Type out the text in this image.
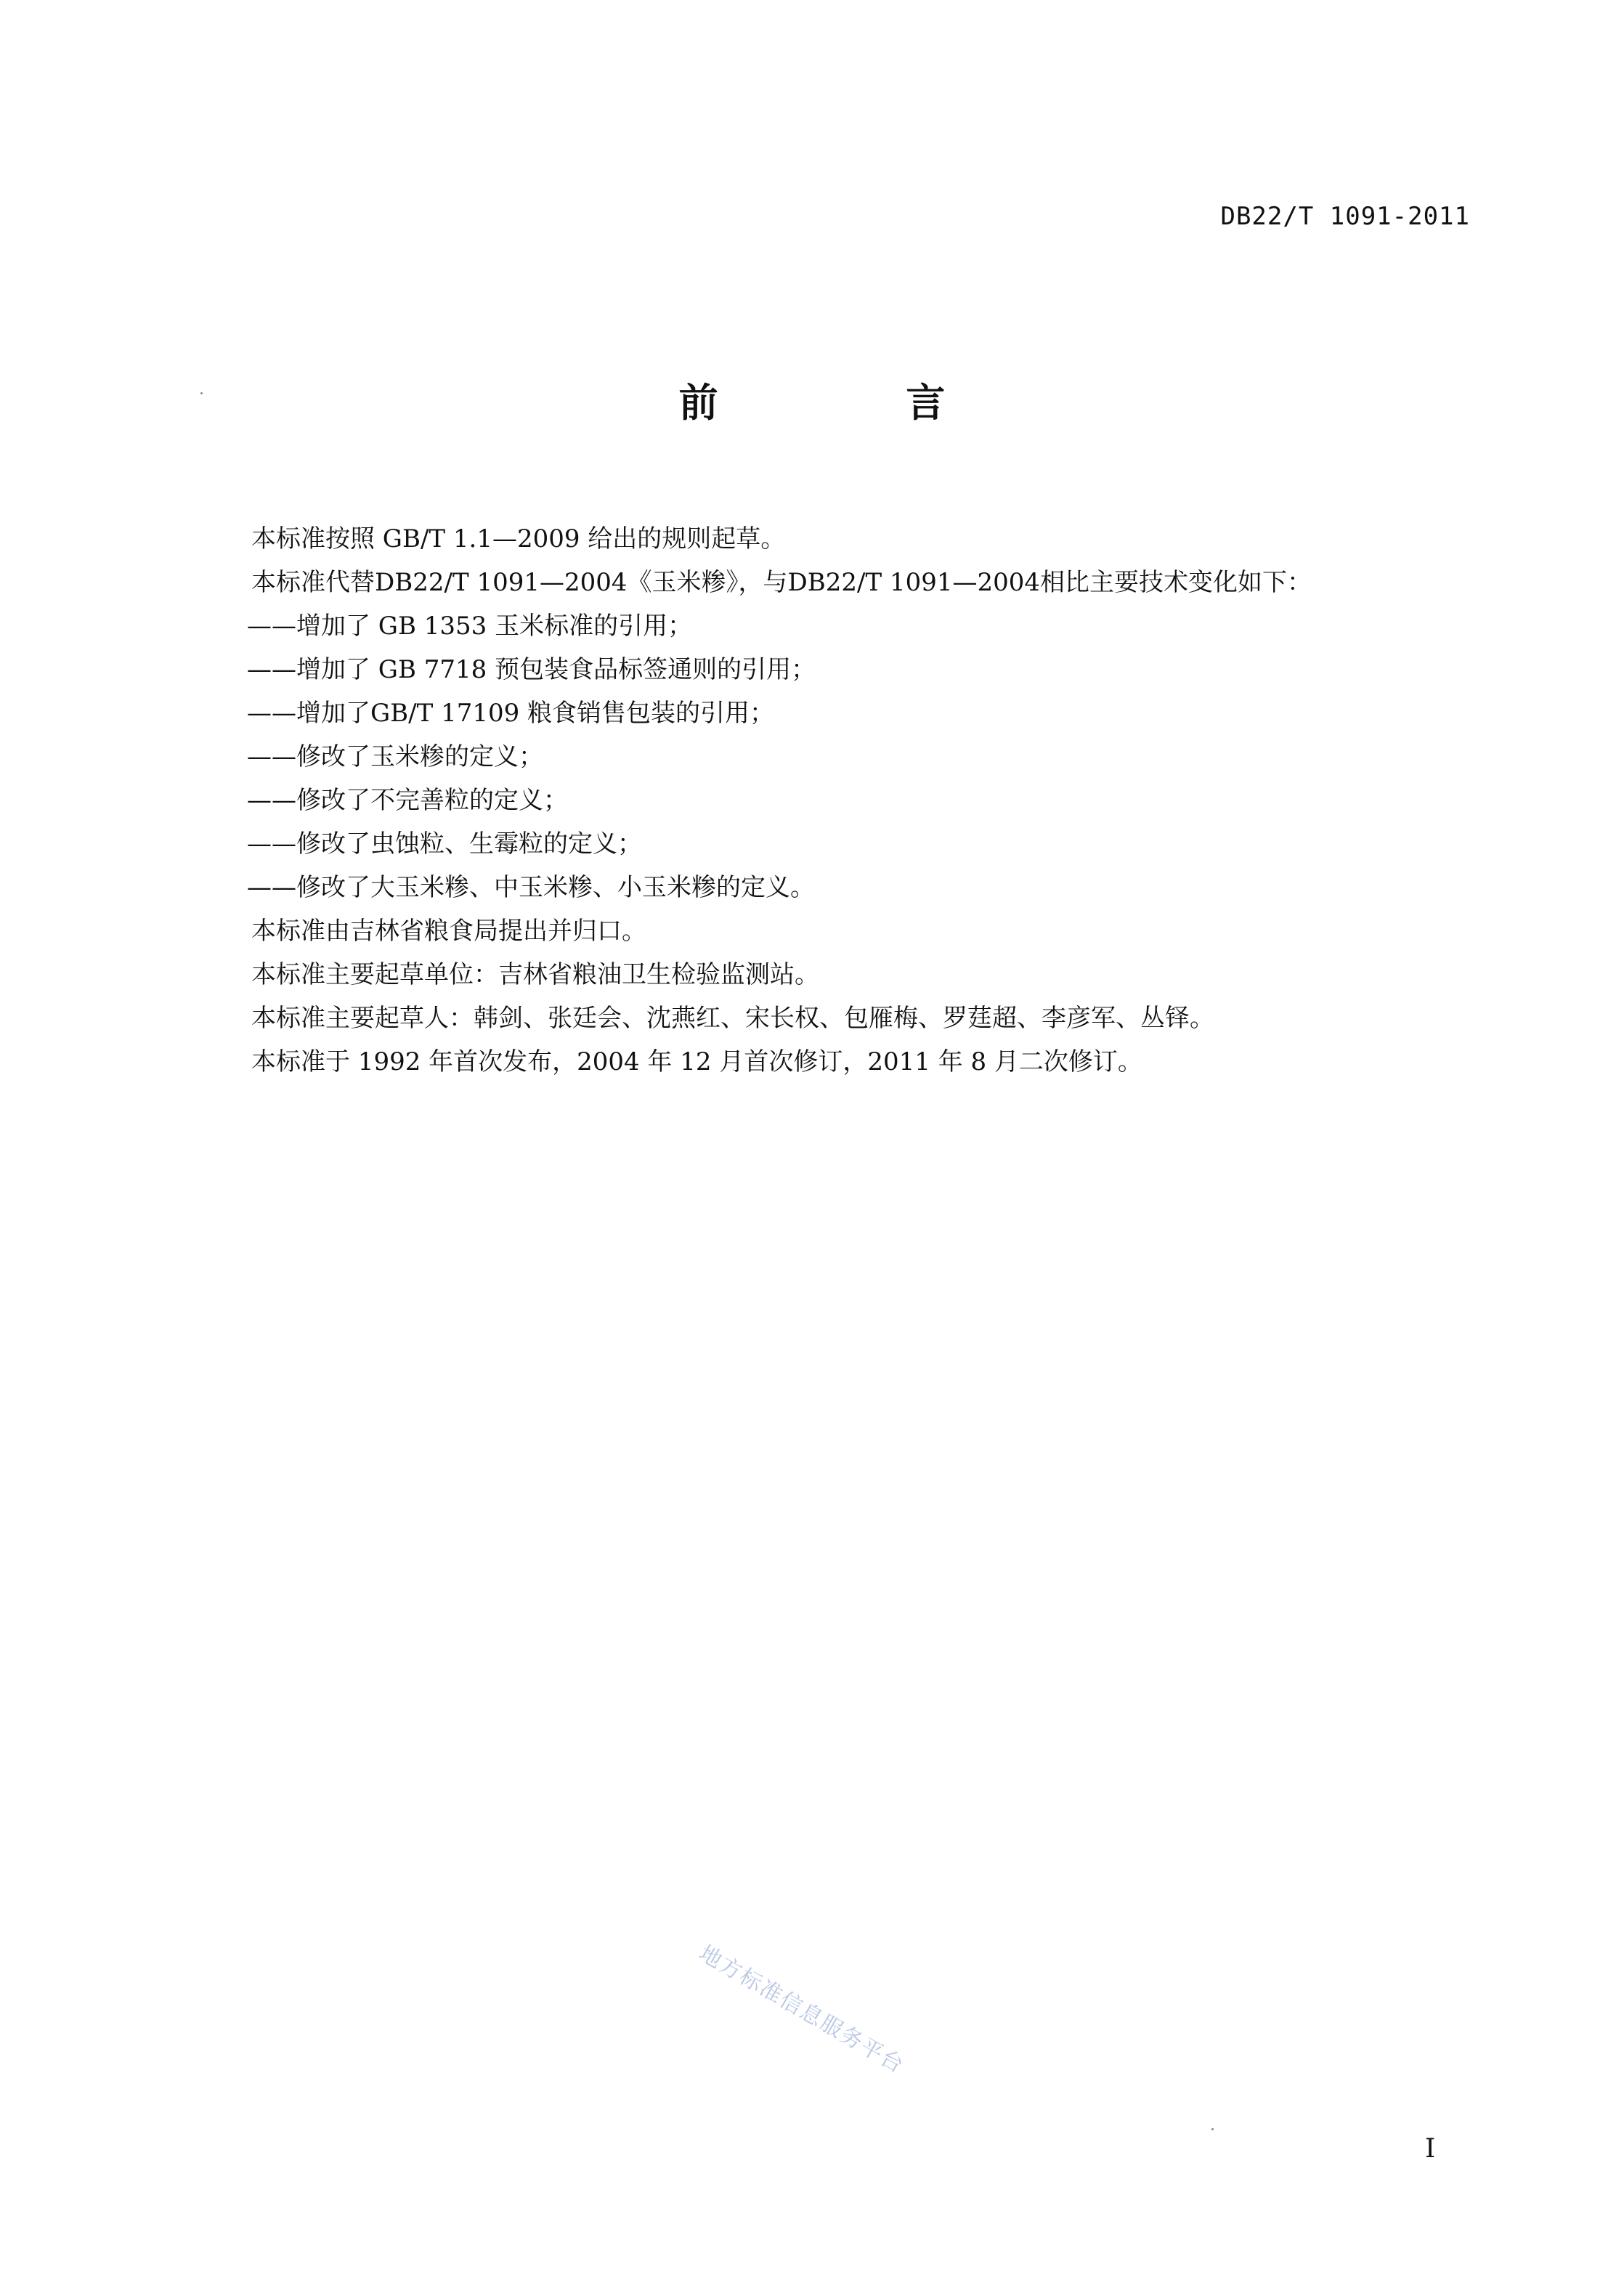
DB22/T 1091-2011
前 言
本标准按照 GB/T 1.1—2009 给出的规则起草。
本标准代替DB22/T 1091—2004《玉米糁》，与DB22/T 1091—2004相比主要技术变化如下：
——增加了 GB 1353 玉米标准的引用；
——增加了 GB 7718 预包装食品标签通则的引用；
——增加了GB/T 17109 粮食销售包装的引用；
——修改了玉米糁的定义；
——修改了不完善粒的定义；
——修改了虫蚀粒、生霉粒的定义；
——修改了大玉米糁、中玉米糁、小玉米糁的定义。
本标准由吉林省粮食局提出并归口。
本标准主要起草单位：吉林省粮油卫生检验监测站。
本标准主要起草人：韩剑、张廷会、沈燕红、宋长权、包雁梅、罗莛超、李彦军、丛铎。
本标准于 1992 年首次发布，2004 年 12 月首次修订，2011 年 8 月二次修订。
地方标准信息服务平台
I
